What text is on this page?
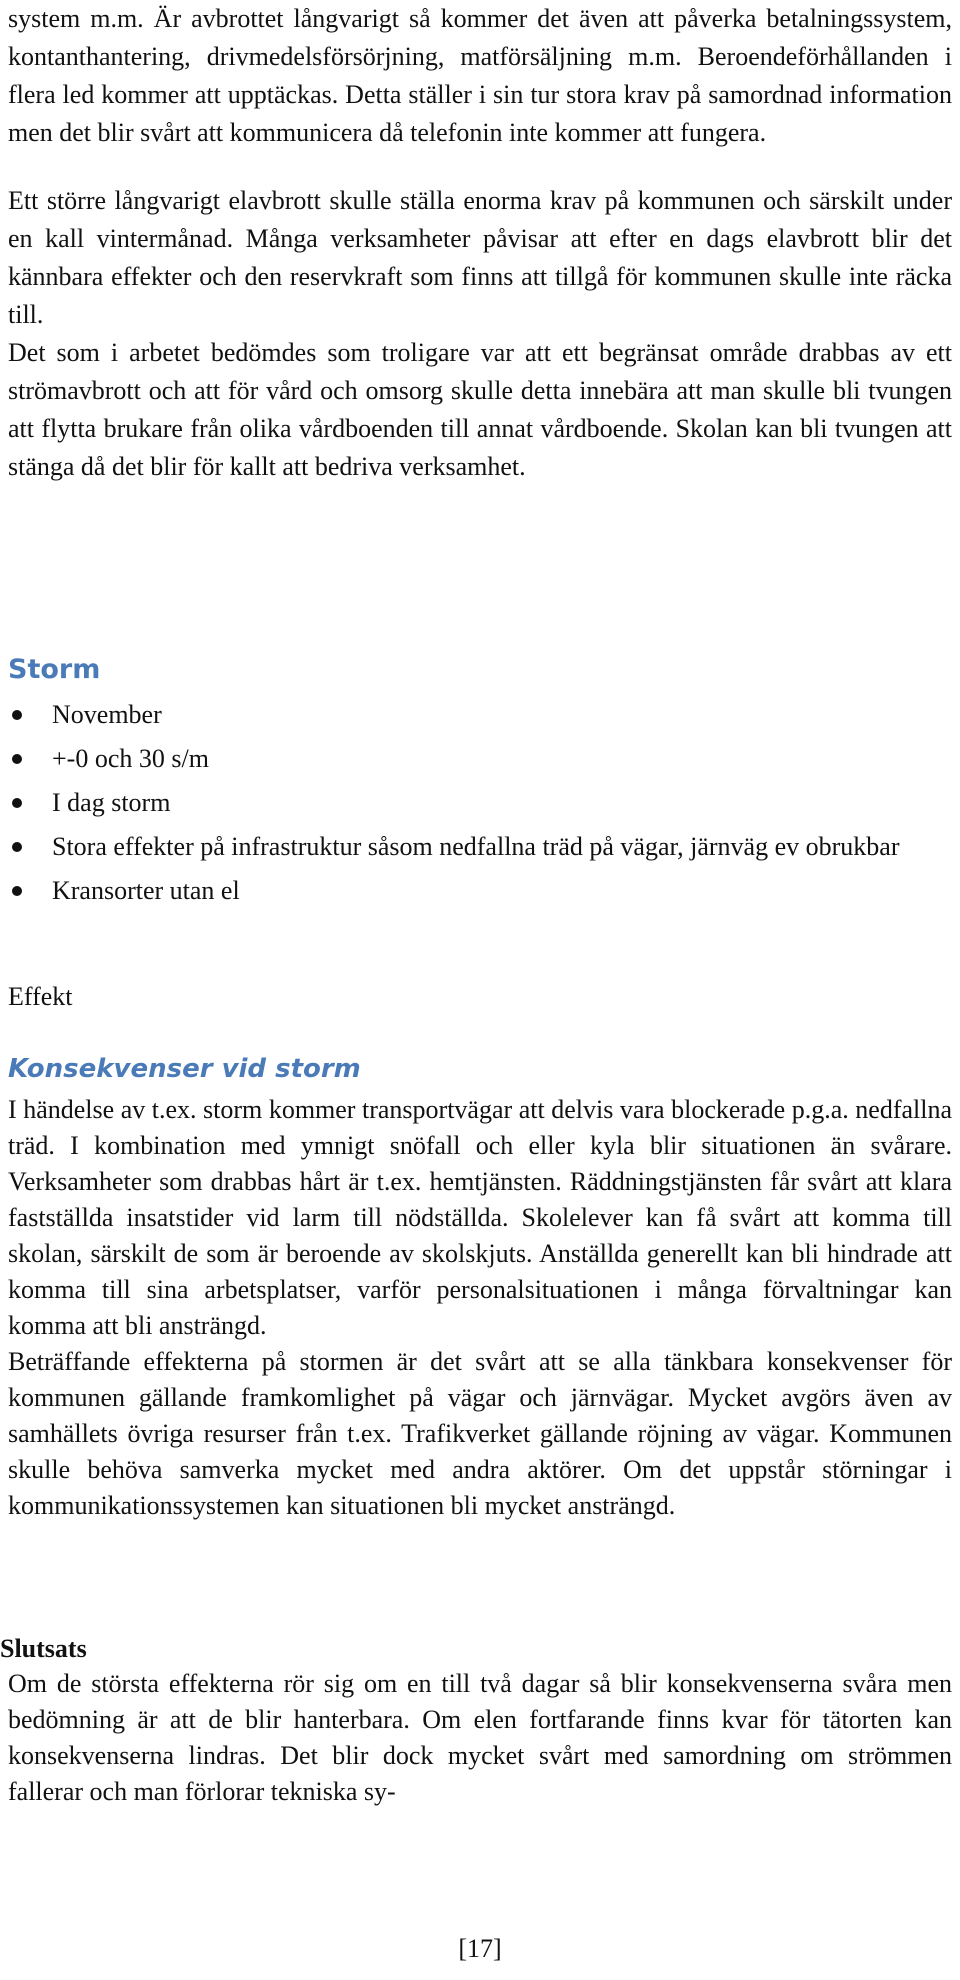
system m.m. Är avbrottet långvarigt så kommer det även att påverka betalningssystem, kontanthantering, drivmedelsförsörjning, matförsäljning m.m. Beroendeförhållanden i flera led kommer att upptäckas. Detta ställer i sin tur stora krav på samordnad information men det blir svårt att kommunicera då telefonin inte kommer att fungera.

Ett större långvarigt elavbrott skulle ställa enorma krav på kommunen och särskilt under en kall vintermånad. Många verksamheter påvisar att efter en dags elavbrott blir det kännbara effekter och den reservkraft som finns att tillgå för kommunen skulle inte räcka till.

Det som i arbetet bedömdes som troligare var att ett begränsat område drabbas av ett strömavbrott och att för vård och omsorg skulle detta innebära att man skulle bli tvungen att flytta brukare från olika vårdboenden till annat vårdboende. Skolan kan bli tvungen att stänga då det blir för kallt att bedriva verksamhet.

Storm
November
+-0 och 30 s/m
I dag storm
Stora effekter på infrastruktur såsom nedfallna träd på vägar, järnväg ev obrukbar
Kransorter utan el

Effekt

Konsekvenser vid storm

I händelse av t.ex. storm kommer transportvägar att delvis vara blockerade p.g.a. nedfallna träd. I kombination med ymnigt snöfall och eller kyla blir situationen än svårare. Verksamheter som drabbas hårt är t.ex. hemtjänsten. Räddningstjänsten får svårt att klara fastställda insatstider vid larm till nödställda. Skolelever kan få svårt att komma till skolan, särskilt de som är beroende av skolskjuts. Anställda generellt kan bli hindrade att komma till sina arbetsplatser, varför personalsituationen i många förvaltningar kan komma att bli ansträngd.

Beträffande effekterna på stormen är det svårt att se alla tänkbara konsekvenser för kommunen gällande framkomlighet på vägar och järnvägar. Mycket avgörs även av samhällets övriga resurser från t.ex. Trafikverket gällande röjning av vägar. Kommunen skulle behöva samverka mycket med andra aktörer. Om det uppstår störningar i kommunikationssystemen kan situationen bli mycket ansträngd.

Slutsats

Om de största effekterna rör sig om en till två dagar så blir konsekvenserna svåra men bedömning är att de blir hanterbara. Om elen fortfarande finns kvar för tätorten kan konsekvenserna lindras. Det blir dock mycket svårt med samordning om strömmen fallerar och man förlorar tekniska sy-

[17]
